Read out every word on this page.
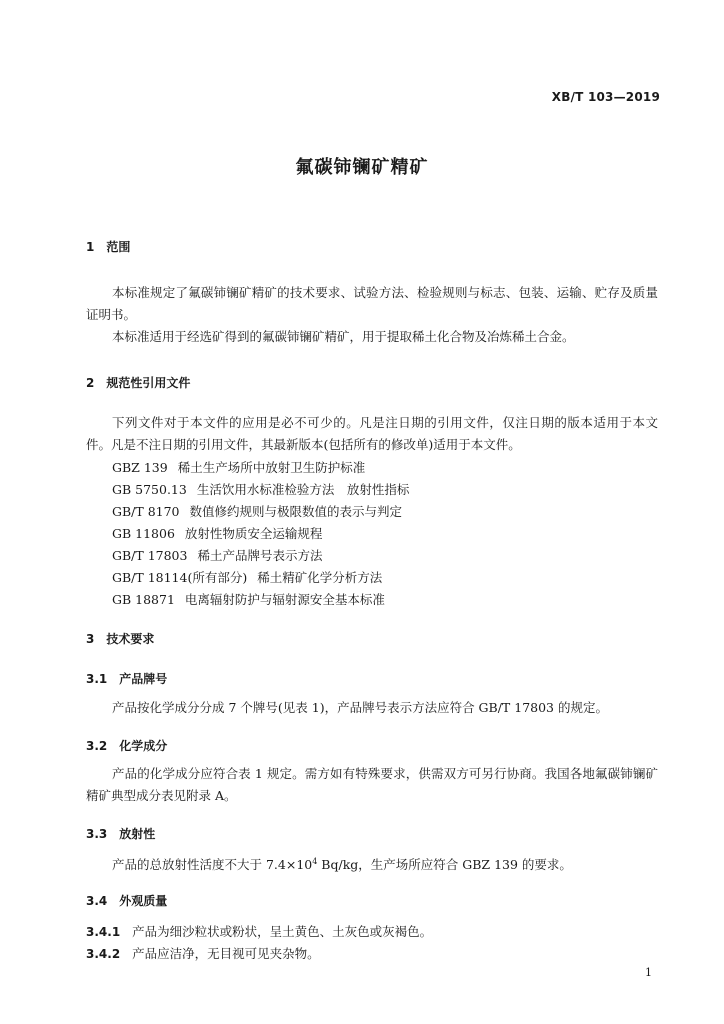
XB/T 103—2019
氟碳铈镧矿精矿
1 范围
本标准规定了氟碳铈镧矿精矿的技术要求、试验方法、检验规则与标志、包装、运输、贮存及质量证明书。
本标准适用于经选矿得到的氟碳铈镧矿精矿，用于提取稀土化合物及冶炼稀土合金。
2 规范性引用文件
下列文件对于本文件的应用是必不可少的。凡是注日期的引用文件，仅注日期的版本适用于本文件。凡是不注日期的引用文件，其最新版本(包括所有的修改单)适用于本文件。
GBZ 139 稀土生产场所中放射卫生防护标准
GB 5750.13 生活饮用水标准检验方法　放射性指标
GB/T 8170 数值修约规则与极限数值的表示与判定
GB 11806 放射性物质安全运输规程
GB/T 17803 稀土产品牌号表示方法
GB/T 18114(所有部分) 稀土精矿化学分析方法
GB 18871 电离辐射防护与辐射源安全基本标准
3 技术要求
3.1 产品牌号
产品按化学成分分成 7 个牌号(见表 1)，产品牌号表示方法应符合 GB/T 17803 的规定。
3.2 化学成分
产品的化学成分应符合表 1 规定。需方如有特殊要求，供需双方可另行协商。我国各地氟碳铈镧矿精矿典型成分表见附录 A。
3.3 放射性
产品的总放射性活度不大于 $7.4\times 10^4$ Bq/kg，生产场所应符合 GBZ 139 的要求。
3.4 外观质量
3.4.1 产品为细沙粒状或粉状，呈土黄色、土灰色或灰褐色。
3.4.2 产品应洁净，无目视可见夹杂物。
1
